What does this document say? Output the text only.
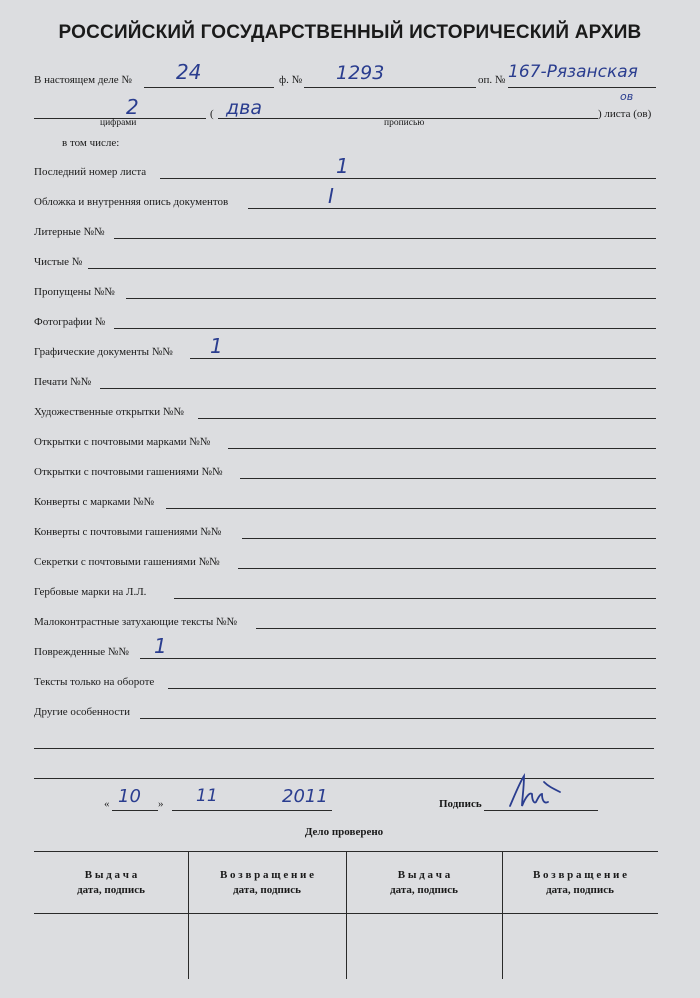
РОССИЙСКИЙ ГОСУДАРСТВЕННЫЙ ИСТОРИЧЕСКИЙ АРХИВ
В настоящем деле № 24	ф. № 1293	оп. № 167-Рязанская
2
цифрами
( два
прописью
) листа (ов)
ов
в том числе:
Последний номер листа	1
Обложка и внутренняя опись документов	I
Литерные №№
Чистые №
Пропущены №№
Фотографии №
Графические документы №№ 1
Печати №№
Художественные открытки №№
Открытки с почтовыми марками №№
Открытки с почтовыми гашениями №№
Конверты с марками №№
Конверты с почтовыми гашениями №№
Секретки с почтовыми гашениями №№
Гербовые марки на Л.Л.
Малоконтрастные затухающие тексты №№
Поврежденные №№ 1
Тексты только на обороте
Другие особенности
« 10 » 11	2011	Подпись
Дело проверено
В ы д а ч а
дата, подпись
В о з в р а щ е н и е
дата, подпись
В ы д а ч а
дата, подпись
В о з в р а щ е н и е
дата, подпись
